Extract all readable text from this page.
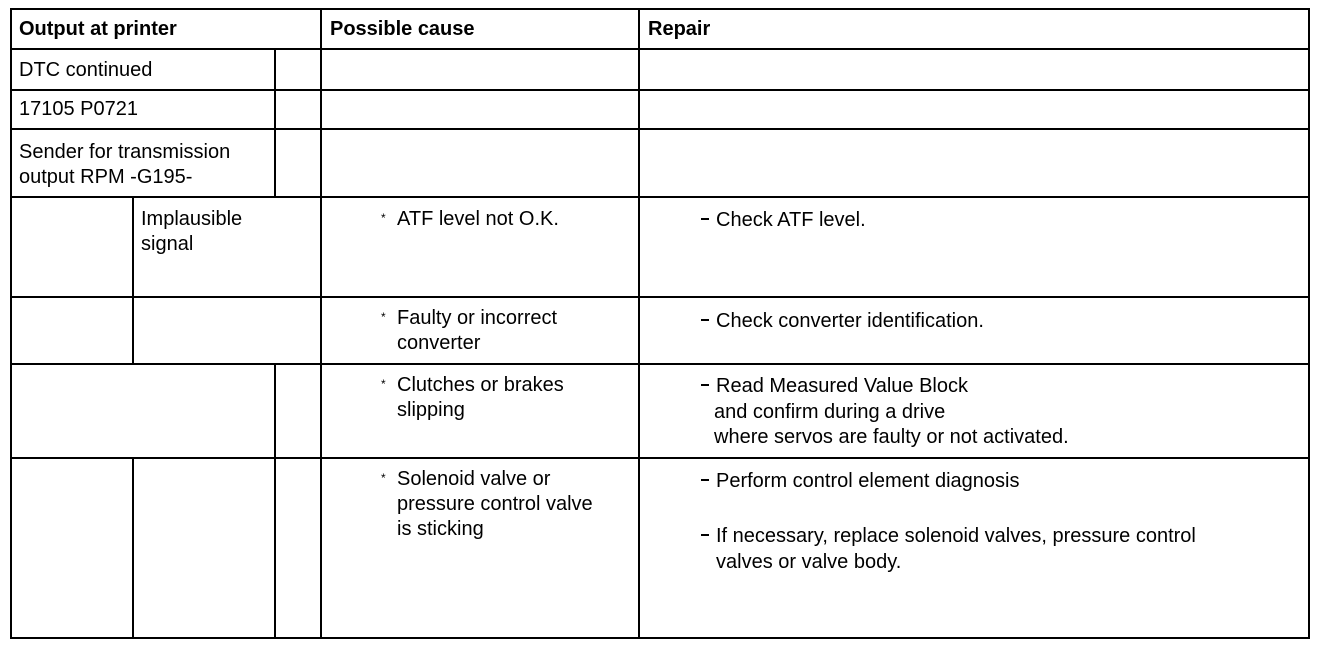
Output at printer	Possible cause	Repair
DTC continued
17105 P0721
Sender for transmission
output RPM -G195-
Implausible
signal
* ATF level not O.K.
* Faulty or incorrect
converter
* Clutches or brakes
slipping
* Solenoid valve or
pressure control valve
is sticking
Check ATF level.
Check converter identification.
Read Measured Value Block
and confirm during a drive
where servos are faulty or not activated.
Perform control element diagnosis
If necessary, replace solenoid valves, pressure control
valves or valve body.
